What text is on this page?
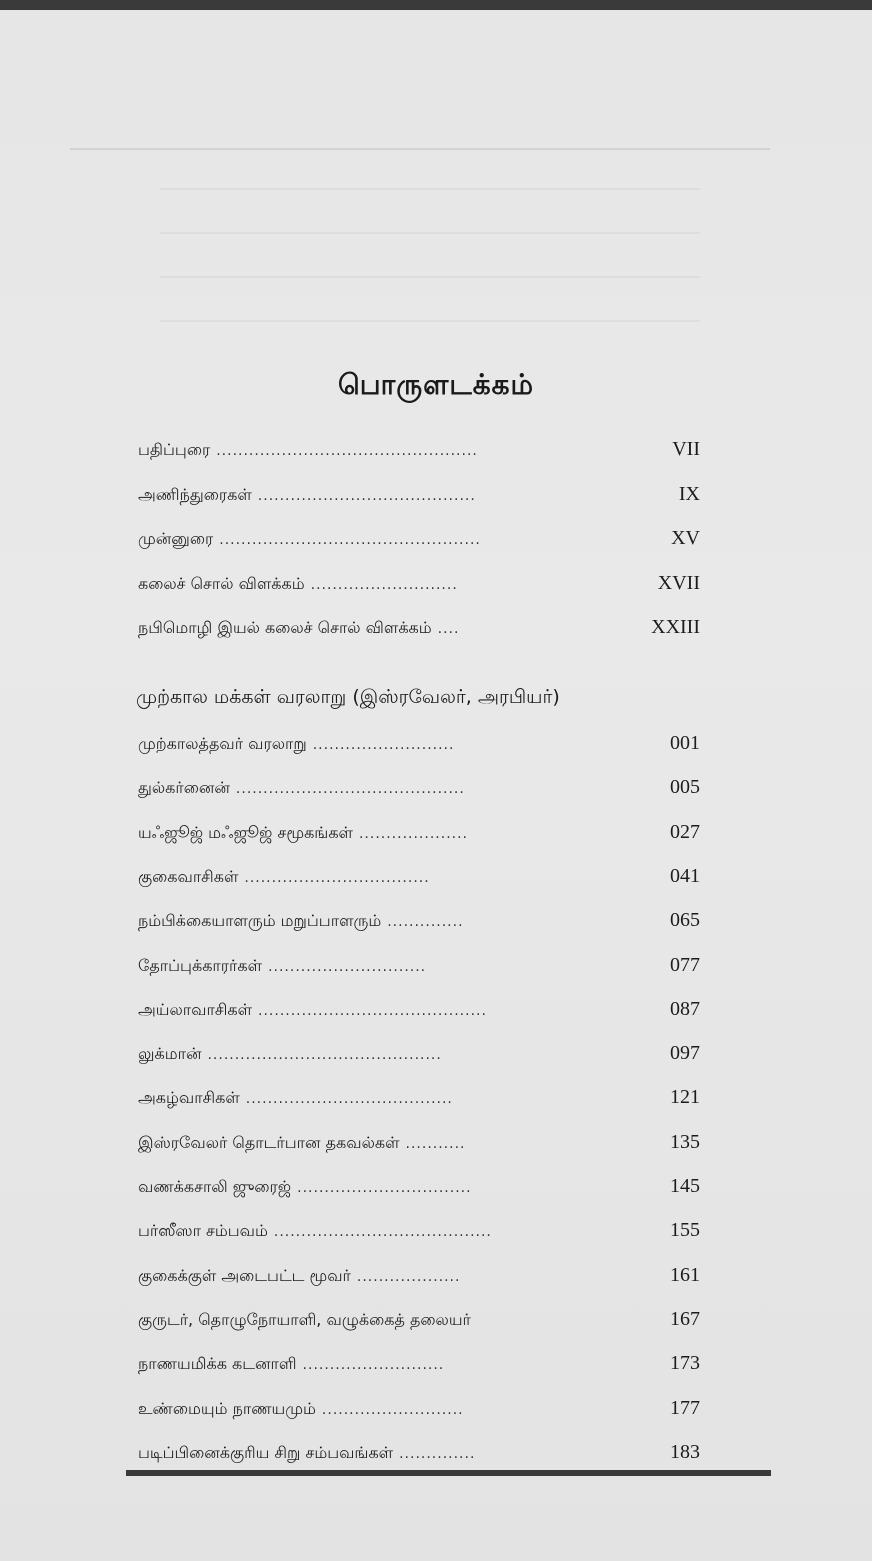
பொருளடக்கம்
பதிப்புரை ................................................	VII
அணிந்துரைகள் ........................................	IX
முன்னுரை ................................................	XV
கலைச் சொல் விளக்கம் ...........................	XVII
நபிமொழி இயல் கலைச் சொல் விளக்கம் ....	XXIII
முற்கால மக்கள் வரலாறு (இஸ்ரவேலர், அரபியர்)
முற்காலத்தவர் வரலாறு ..........................	001
துல்கர்னைன் ..........................................	005
யஃஜூஜ் மஃஜூஜ் சமூகங்கள் ....................	027
குகைவாசிகள் ..................................	041
நம்பிக்கையாளரும் மறுப்பாளரும் ..............	065
தோப்புக்காரர்கள் .............................	077
அய்லாவாசிகள் ..........................................	087
லுக்மான் ...........................................	097
அகழ்வாசிகள் ......................................	121
இஸ்ரவேலர் தொடர்பான தகவல்கள் ...........	135
வணக்கசாலி ஜுரைஜ் ................................	145
பர்ஸீஸா சம்பவம் ........................................	155
குகைக்குள் அடைபட்ட மூவர் ...................	161
குருடர், தொழுநோயாளி, வழுக்கைத் தலையர்	167
நாணயமிக்க கடனாளி ..........................	173
உண்மையும் நாணயமும் ..........................	177
படிப்பினைக்குரிய சிறு சம்பவங்கள் ..............	183
